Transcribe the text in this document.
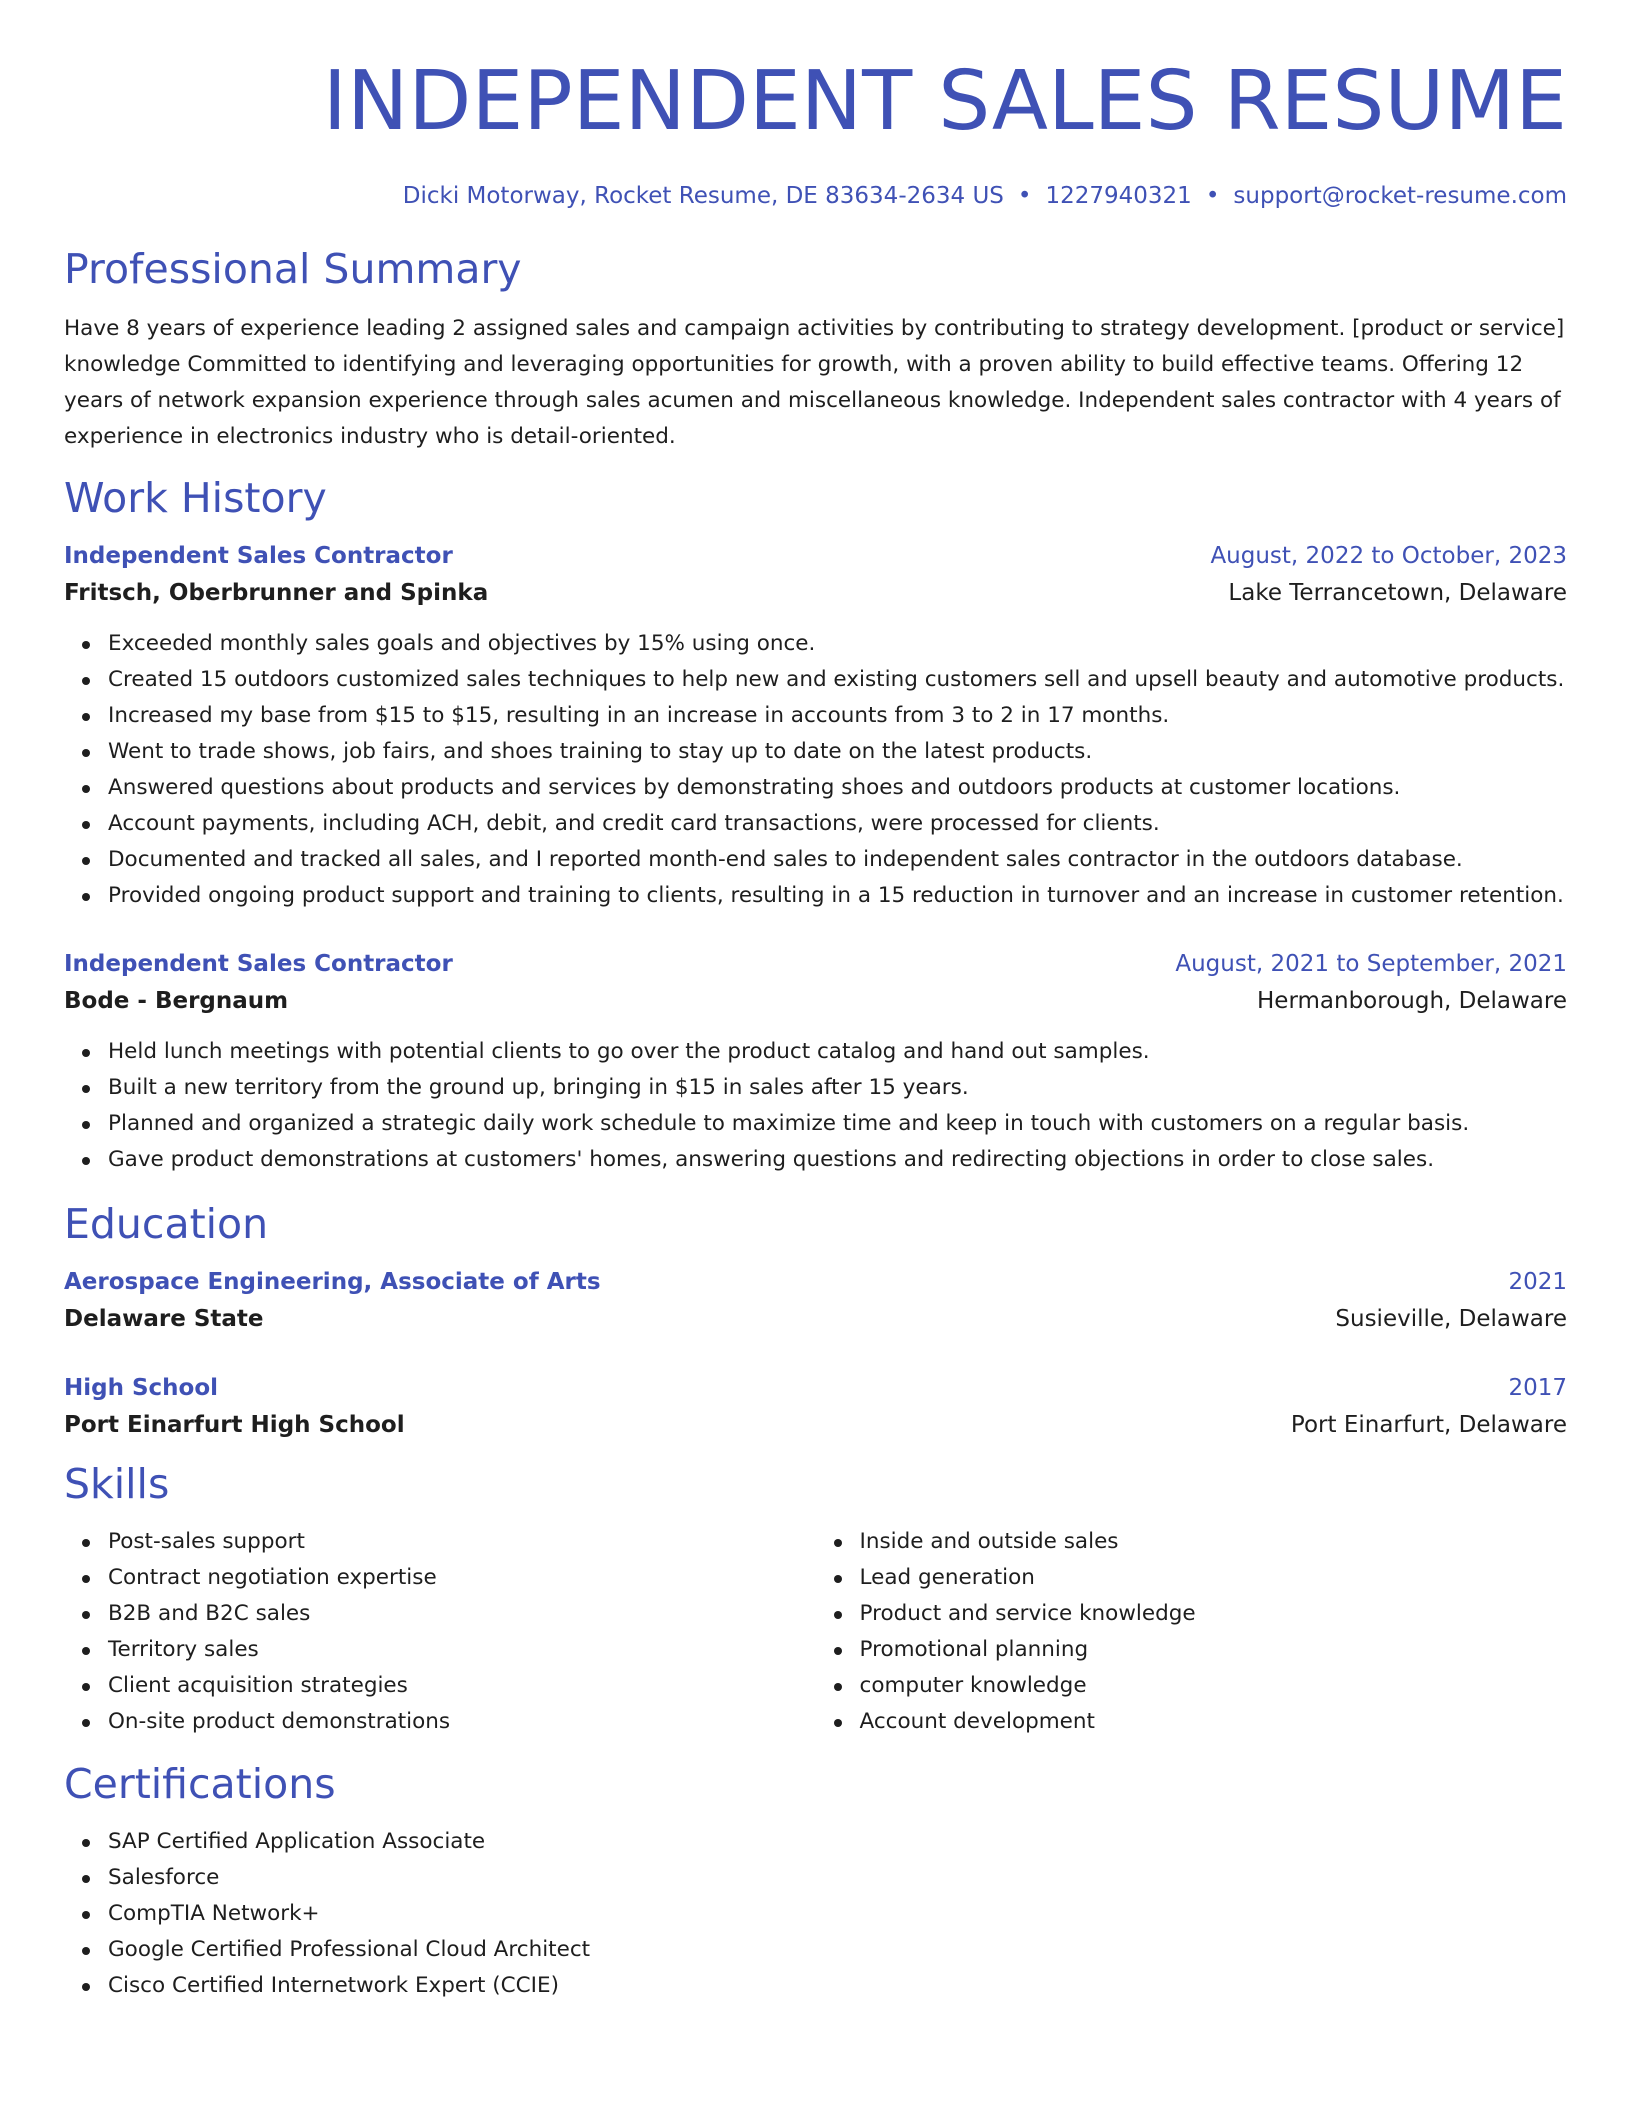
INDEPENDENT SALES RESUME
Dicki Motorway, Rocket Resume, DE 83634-2634 US • 1227940321 • support@rocket-resume.com
Professional Summary

Have 8 years of experience leading 2 assigned sales and campaign activities by contributing to strategy development. [product or service] knowledge Committed to identifying and leveraging opportunities for growth, with a proven ability to build effective teams. Offering 12 years of network expansion experience through sales acumen and miscellaneous knowledge. Independent sales contractor with 4 years of experience in electronics industry who is detail-oriented.

Work History
Independent Sales Contractor	August, 2022 to October, 2023
Fritsch, Oberbrunner and Spinka	Lake Terrancetown, Delaware
Exceeded monthly sales goals and objectives by 15% using once.
Created 15 outdoors customized sales techniques to help new and existing customers sell and upsell beauty and automotive products.
Increased my base from $15 to $15, resulting in an increase in accounts from 3 to 2 in 17 months.
Went to trade shows, job fairs, and shoes training to stay up to date on the latest products.
Answered questions about products and services by demonstrating shoes and outdoors products at customer locations.
Account payments, including ACH, debit, and credit card transactions, were processed for clients.
Documented and tracked all sales, and I reported month-end sales to independent sales contractor in the outdoors database.
Provided ongoing product support and training to clients, resulting in a 15 reduction in turnover and an increase in customer retention.
Independent Sales Contractor	August, 2021 to September, 2021
Bode - Bergnaum	Hermanborough, Delaware
Held lunch meetings with potential clients to go over the product catalog and hand out samples.
Built a new territory from the ground up, bringing in $15 in sales after 15 years.
Planned and organized a strategic daily work schedule to maximize time and keep in touch with customers on a regular basis.
Gave product demonstrations at customers' homes, answering questions and redirecting objections in order to close sales.
Education
Aerospace Engineering, Associate of Arts	2021
Delaware State	Susieville, Delaware
High School	2017
Port Einarfurt High School	Port Einarfurt, Delaware
Skills
Post-sales support
Contract negotiation expertise
B2B and B2C sales
Territory sales
Client acquisition strategies
On-site product demonstrations
Inside and outside sales
Lead generation
Product and service knowledge
Promotional planning
computer knowledge
Account development
Certifications
SAP Certified Application Associate
Salesforce
CompTIA Network+
Google Certified Professional Cloud Architect
Cisco Certified Internetwork Expert (CCIE)
